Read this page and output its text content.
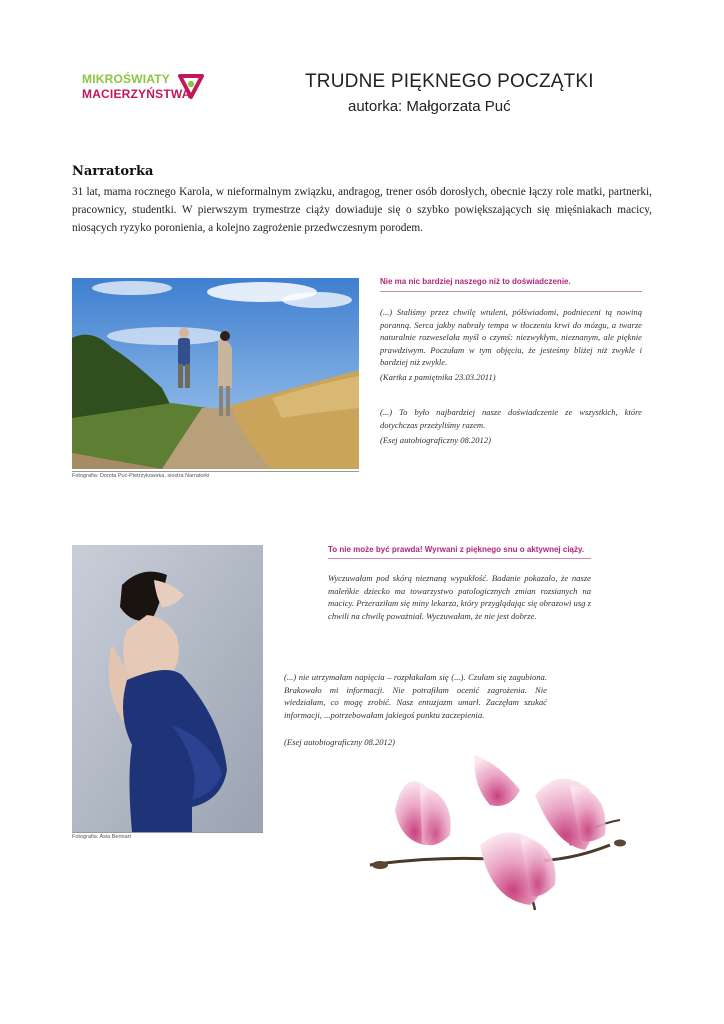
MIKROŚWIATY
MACIERZYŃSTWA
TRUDNE PIĘKNEGO POCZĄTKI
autorka: Małgorzata Puć
Narratorka
31 lat, mama rocznego Karola, w nieformalnym związku, andragog, trener osób dorosłych, obecnie łączy role matki, partnerki, pracownicy, studentki. W pierwszym trymestrze ciąży dowiaduje się o szybko powiększających się mięśniakach macicy, niosących ryzyko poronienia, a kolejno zagrożenie przedwczesnym porodem.
Fotografia: Dorota Puć-Pietrzykowska, siostra Narratorki
Nie ma nic bardziej naszego niż to doświadczenie.
(...) Staliśmy przez chwilę wtuleni, półświadomi, podnieceni tą nowiną poranną. Serca jakby nabrały tempa w tłoczeniu krwi do mózgu, a twarze naturalnie rozweselała myśl o czymś: niezwykłym, nieznanym, ale pięknie prawdziwym. Poczułam w tym objęciu, że jesteśmy bliżej niż zwykle i bardziej niż zwykle.
(Kartka z pamiętnika 23.03.2011)
(...) To było najbardziej nasze doświadczenie ze wszystkich, które dotychczas przeżyliśmy razem.
(Esej autobiograficzny 08.2012)
Fotografia: Asia Bennart
To nie może być prawda! Wyrwani z pięknego snu o aktywnej ciąży.
Wyczuwałam pod skórą nieznaną wypukłość. Badanie pokazało, że nasze maleńkie dziecko ma towarzystwo patologicznych zmian rozsianych na macicy. Przeraziłam się miny lekarza, który przyglądając się obrazowi usg z chwili na chwilę poważniał. Wyczuwałam, że nie jest dobrze.
(...) nie utrzymałam napięcia – rozpłakałam się (...). Czułam się zagubiona. Brakowało mi informacji. Nie potrafiłam ocenić zagrożenia. Nie wiedziałam, co mogę zrobić. Nasz entuzjazm umarł. Zaczęłam szukać informacji, ...potrzebowałam jakiegoś punktu zaczepienia.
(Esej autobiograficzny 08.2012)
